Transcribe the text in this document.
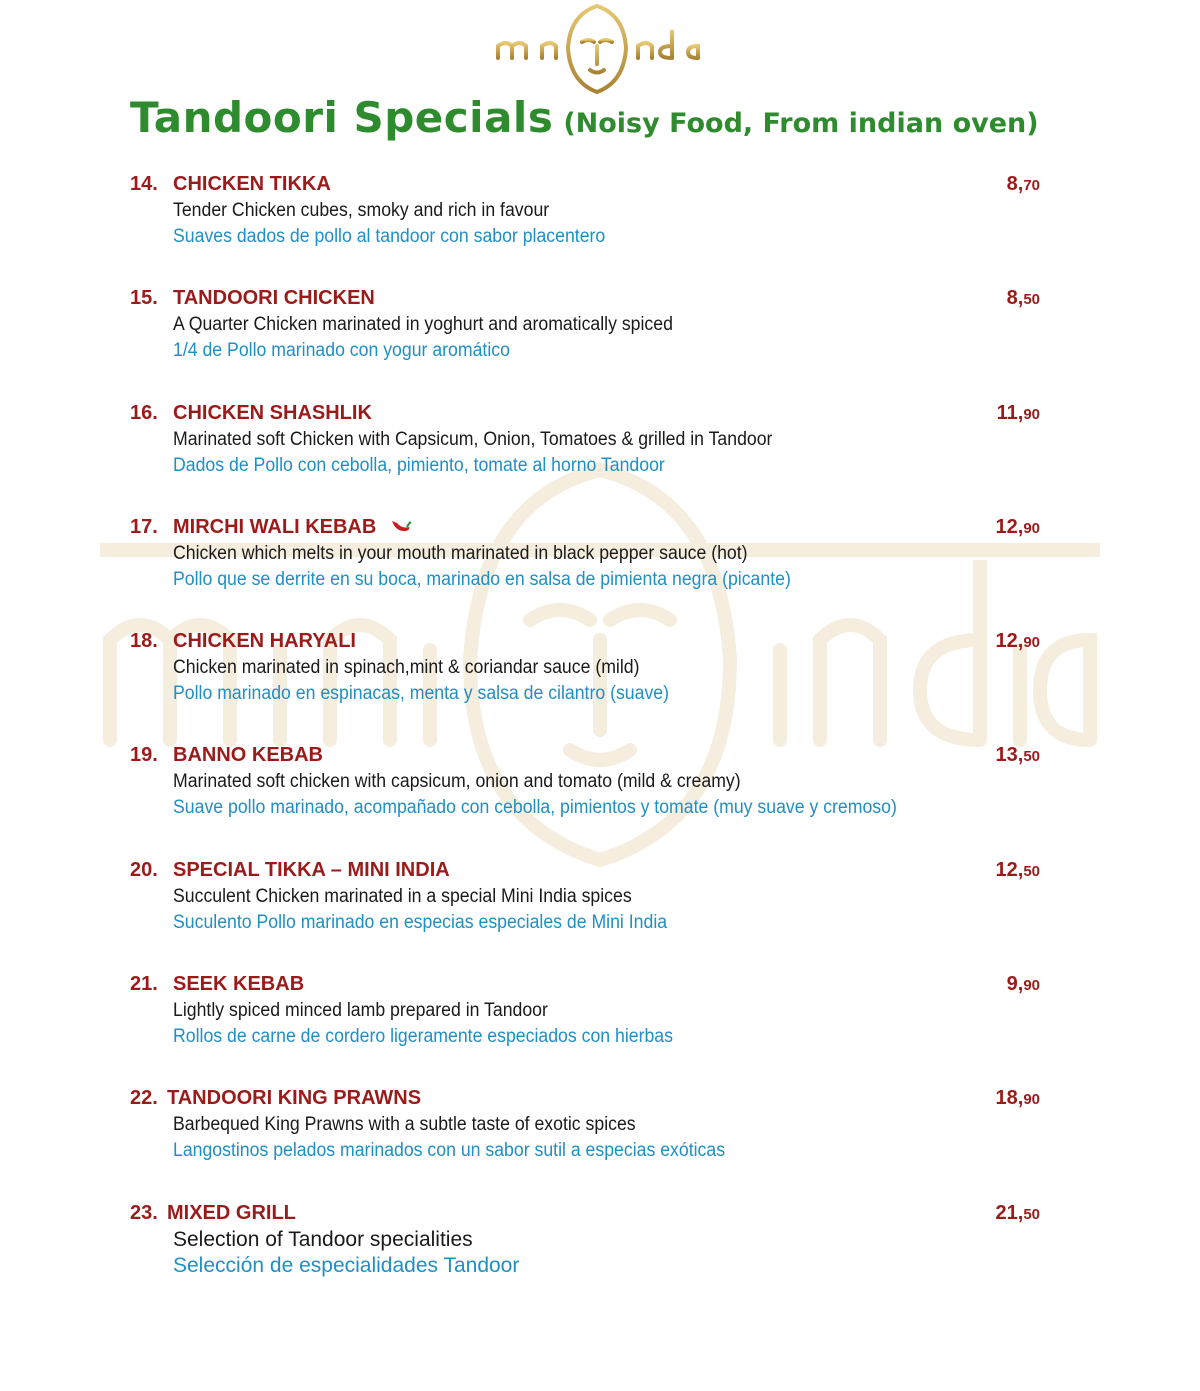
Tandoori Specials (Noisy Food, From indian oven)
14. CHICKEN TIKKA	8,70
Tender Chicken cubes, smoky and rich in favour
Suaves dados de pollo al tandoor con sabor placentero
15. TANDOORI CHICKEN	8,50
A Quarter Chicken marinated in yoghurt and aromatically spiced
1/4 de Pollo marinado con yogur aromático
16. CHICKEN SHASHLIK	11,90
Marinated soft Chicken with Capsicum, Onion, Tomatoes & grilled in Tandoor
Dados de Pollo con cebolla, pimiento, tomate al horno Tandoor
17. MIRCHI WALI KEBAB	12,90
Chicken which melts in your mouth marinated in black pepper sauce (hot)
Pollo que se derrite en su boca, marinado en salsa de pimienta negra (picante)
18. CHICKEN HARYALI	12,90
Chicken marinated in spinach,mint & coriandar sauce (mild)
Pollo marinado en espinacas, menta y salsa de cilantro (suave)
19. BANNO KEBAB	13,50
Marinated soft chicken with capsicum, onion and tomato (mild & creamy)
Suave pollo marinado, acompañado con cebolla, pimientos y tomate (muy suave y cremoso)
20. SPECIAL TIKKA – MINI INDIA	12,50
Succulent Chicken marinated in a special Mini India spices
Suculento Pollo marinado en especias especiales de Mini India
21. SEEK KEBAB	9,90
Lightly spiced minced lamb prepared in Tandoor
Rollos de carne de cordero ligeramente especiados con hierbas
22. TANDOORI KING PRAWNS	18,90
Barbequed King Prawns with a subtle taste of exotic spices
Langostinos pelados marinados con un sabor sutil a especias exóticas
23. MIXED GRILL	21,50
Selection of Tandoor specialities
Selección de especialidades Tandoor
